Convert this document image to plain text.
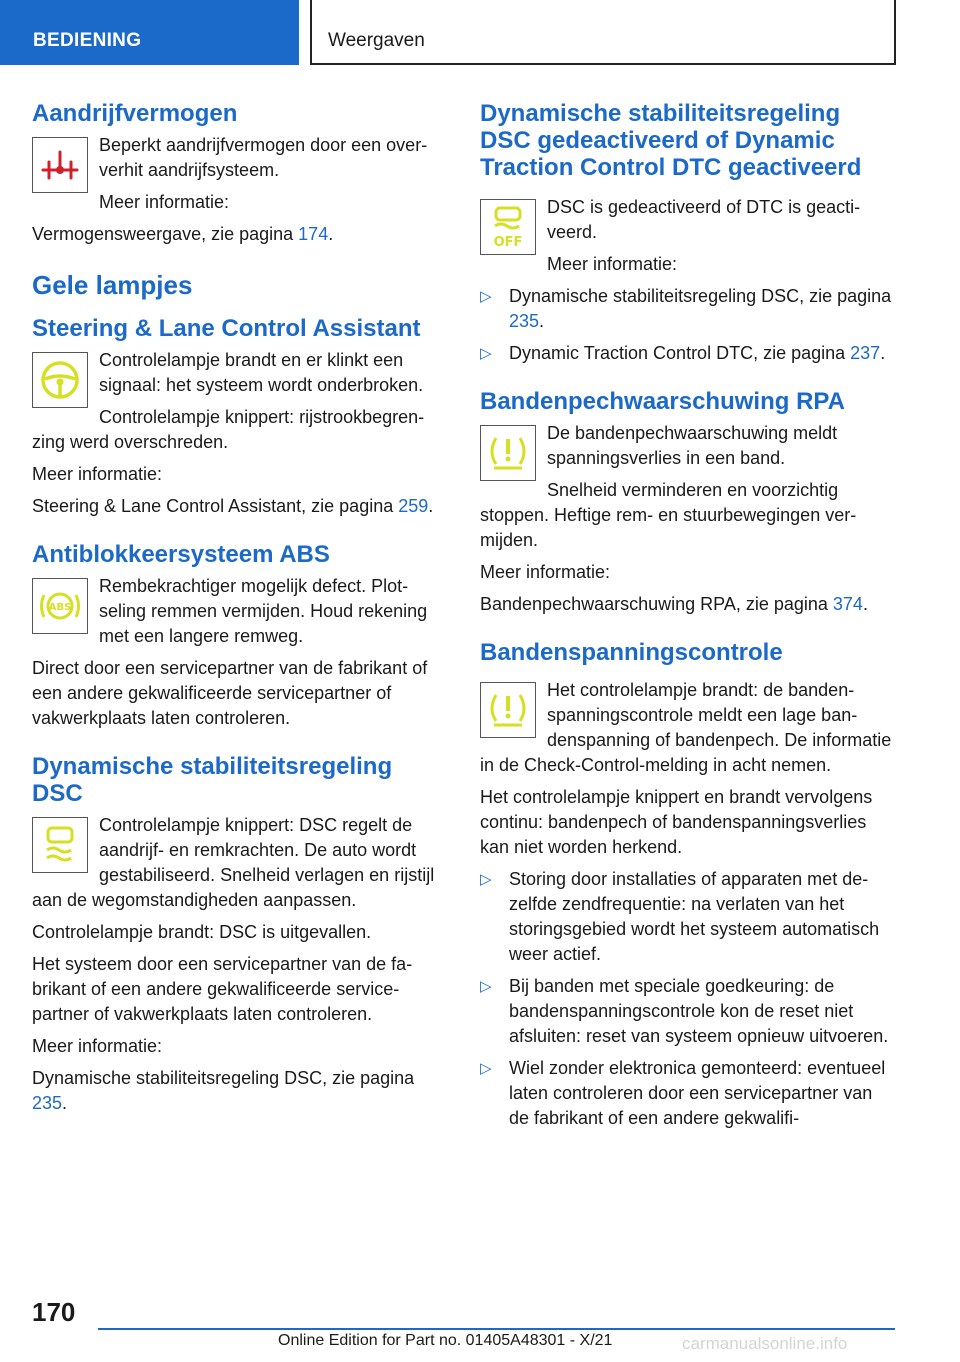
BEDIENING	Weergaven
Aandrijfvermogen

Beperkt aandrijfvermogen door een oververhit aandrijfsysteem.

Meer informatie:

Vermogensweergave, zie pagina 174.

Gele lampjes
Steering & Lane Control Assistant

Controlelampje brandt en er klinkt een signaal: het systeem wordt onderbroken.

Controlelampje knippert: rijstrookbegrenzing werd overschreden.

Meer informatie:

Steering & Lane Control Assistant, zie pagina 259.

Antiblokkeersysteem ABS
ABS

Rembekrachtiger mogelijk defect. Plotseling remmen vermijden. Houd rekening met een langere remweg.

Direct door een servicepartner van de fabrikant of een andere gekwalificeerde servicepartner of vakwerkplaats laten controleren.

Dynamische stabiliteitsregeling DSC

Controlelampje knippert: DSC regelt de aandrijf- en remkrachten. De auto wordt gestabiliseerd. Snelheid verlagen en rijstijl aan de wegomstandigheden aanpassen.

Controlelampje brandt: DSC is uitgevallen.

Het systeem door een servicepartner van de fabrikant of een andere gekwalificeerde servicepartner of vakwerkplaats laten controleren.

Meer informatie:

Dynamische stabiliteitsregeling DSC, zie pagina 235.

Dynamische stabiliteitsregeling DSC gedeactiveerd of Dynamic Traction Control DTC geactiveerd
OFF

DSC is gedeactiveerd of DTC is geactiveerd.

Meer informatie:

▷ Dynamische stabiliteitsregeling DSC, zie pagina 235.
▷ Dynamic Traction Control DTC, zie pagina 237.
Bandenpechwaarschuwing RPA

De bandenpechwaarschuwing meldt spanningsverlies in een band.

Snelheid verminderen en voorzichtig stoppen. Heftige rem- en stuurbewegingen vermijden.

Meer informatie:

Bandenpechwaarschuwing RPA, zie pagina 374.

Bandenspanningscontrole

Het controlelampje brandt: de bandenspanningscontrole meldt een lage bandenspanning of bandenpech. De informatie in de Check-Control-melding in acht nemen.

Het controlelampje knippert en brandt vervolgens continu: bandenpech of bandenspanningsverlies kan niet worden herkend.

▷ Storing door installaties of apparaten met dezelfde zendfrequentie: na verlaten van het storingsgebied wordt het systeem automatisch weer actief.
▷ Bij banden met speciale goedkeuring: de bandenspanningscontrole kon de reset niet afsluiten: reset van systeem opnieuw uitvoeren.
▷ Wiel zonder elektronica gemonteerd: eventueel laten controleren door een servicepartner van de fabrikant of een andere gekwalifi-
170
Online Edition for Part no. 01405A48301 - X/21	carmanualsonline.info
